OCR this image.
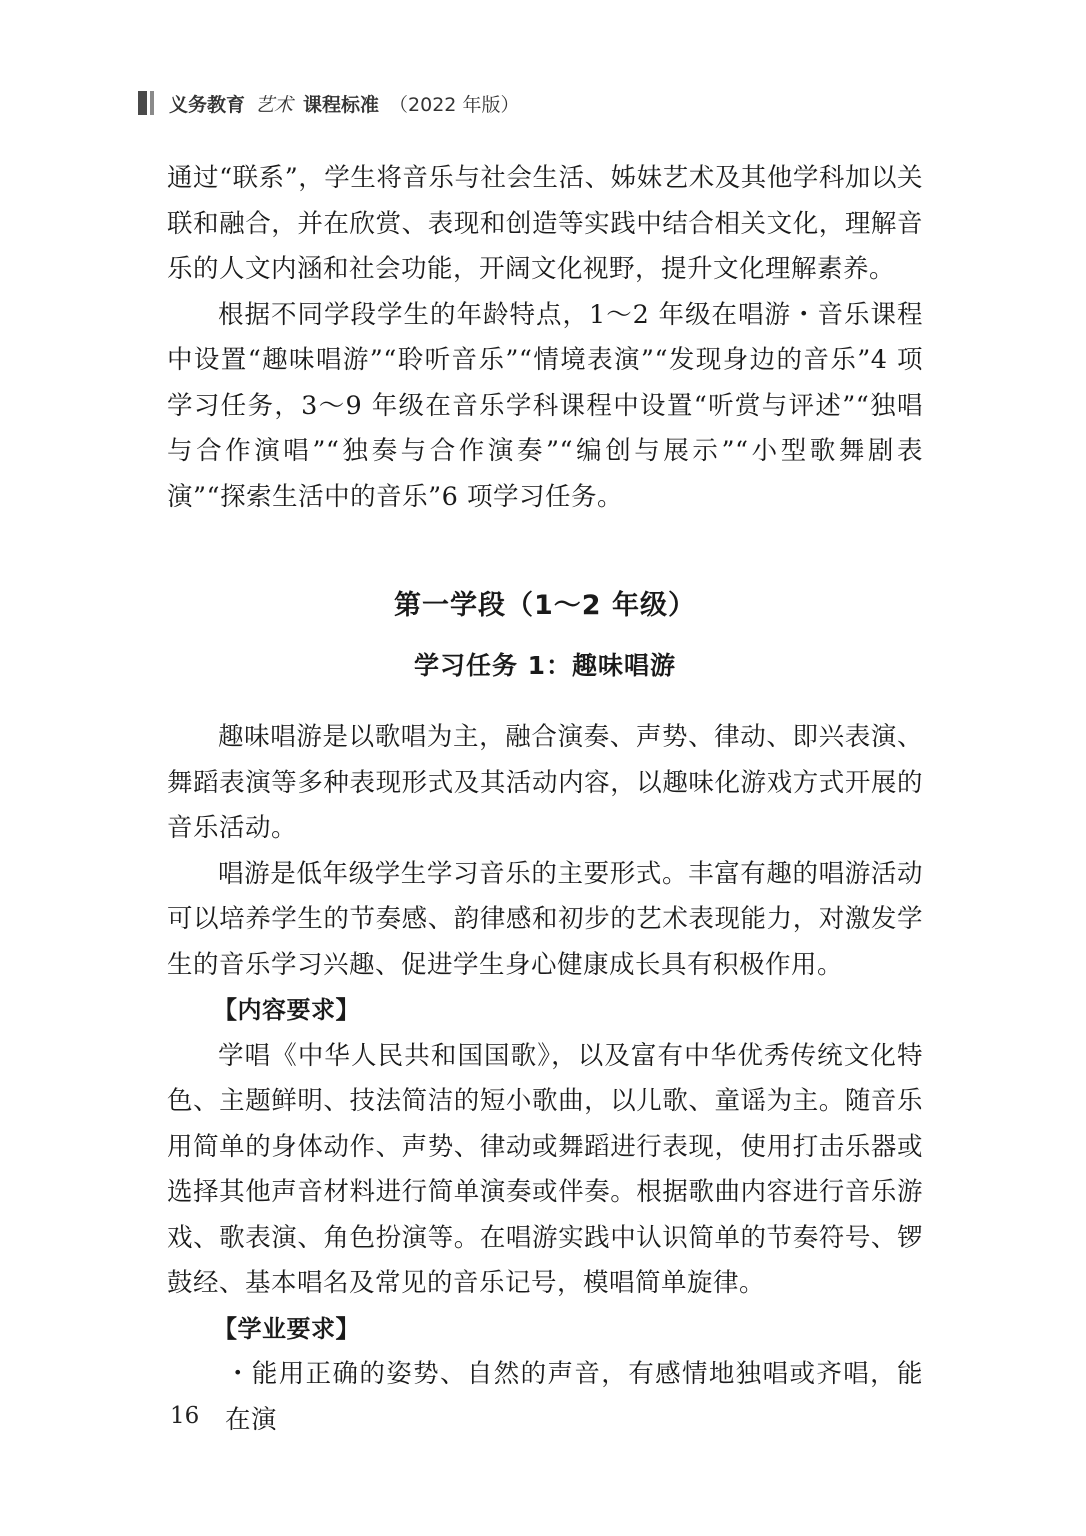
义务教育 艺术 课程标准 （2022 年版）

通过“联系”，学生将音乐与社会生活、姊妹艺术及其他学科加以关联和融合，并在欣赏、表现和创造等实践中结合相关文化，理解音乐的人文内涵和社会功能，开阔文化视野，提升文化理解素养。

根据不同学段学生的年龄特点，1～2 年级在唱游・音乐课程中设置“趣味唱游”“聆听音乐”“情境表演”“发现身边的音乐”4 项学习任务，3～9 年级在音乐学科课程中设置“听赏与评述”“独唱与合作演唱”“独奏与合作演奏”“编创与展示”“小型歌舞剧表演”“探索生活中的音乐”6 项学习任务。

第一学段（1～2 年级）
学习任务 1：趣味唱游

趣味唱游是以歌唱为主，融合演奏、声势、律动、即兴表演、舞蹈表演等多种表现形式及其活动内容，以趣味化游戏方式开展的音乐活动。

唱游是低年级学生学习音乐的主要形式。丰富有趣的唱游活动可以培养学生的节奏感、韵律感和初步的艺术表现能力，对激发学生的音乐学习兴趣、促进学生身心健康成长具有积极作用。

【内容要求】

学唱《中华人民共和国国歌》，以及富有中华优秀传统文化特色、主题鲜明、技法简洁的短小歌曲，以儿歌、童谣为主。随音乐用简单的身体动作、声势、律动或舞蹈进行表现，使用打击乐器或选择其他声音材料进行简单演奏或伴奏。根据歌曲内容进行音乐游戏、歌表演、角色扮演等。在唱游实践中认识简单的节奏符号、锣鼓经、基本唱名及常见的音乐记号，模唱简单旋律。

【学业要求】

・能用正确的姿势、自然的声音，有感情地独唱或齐唱，能在演

16
